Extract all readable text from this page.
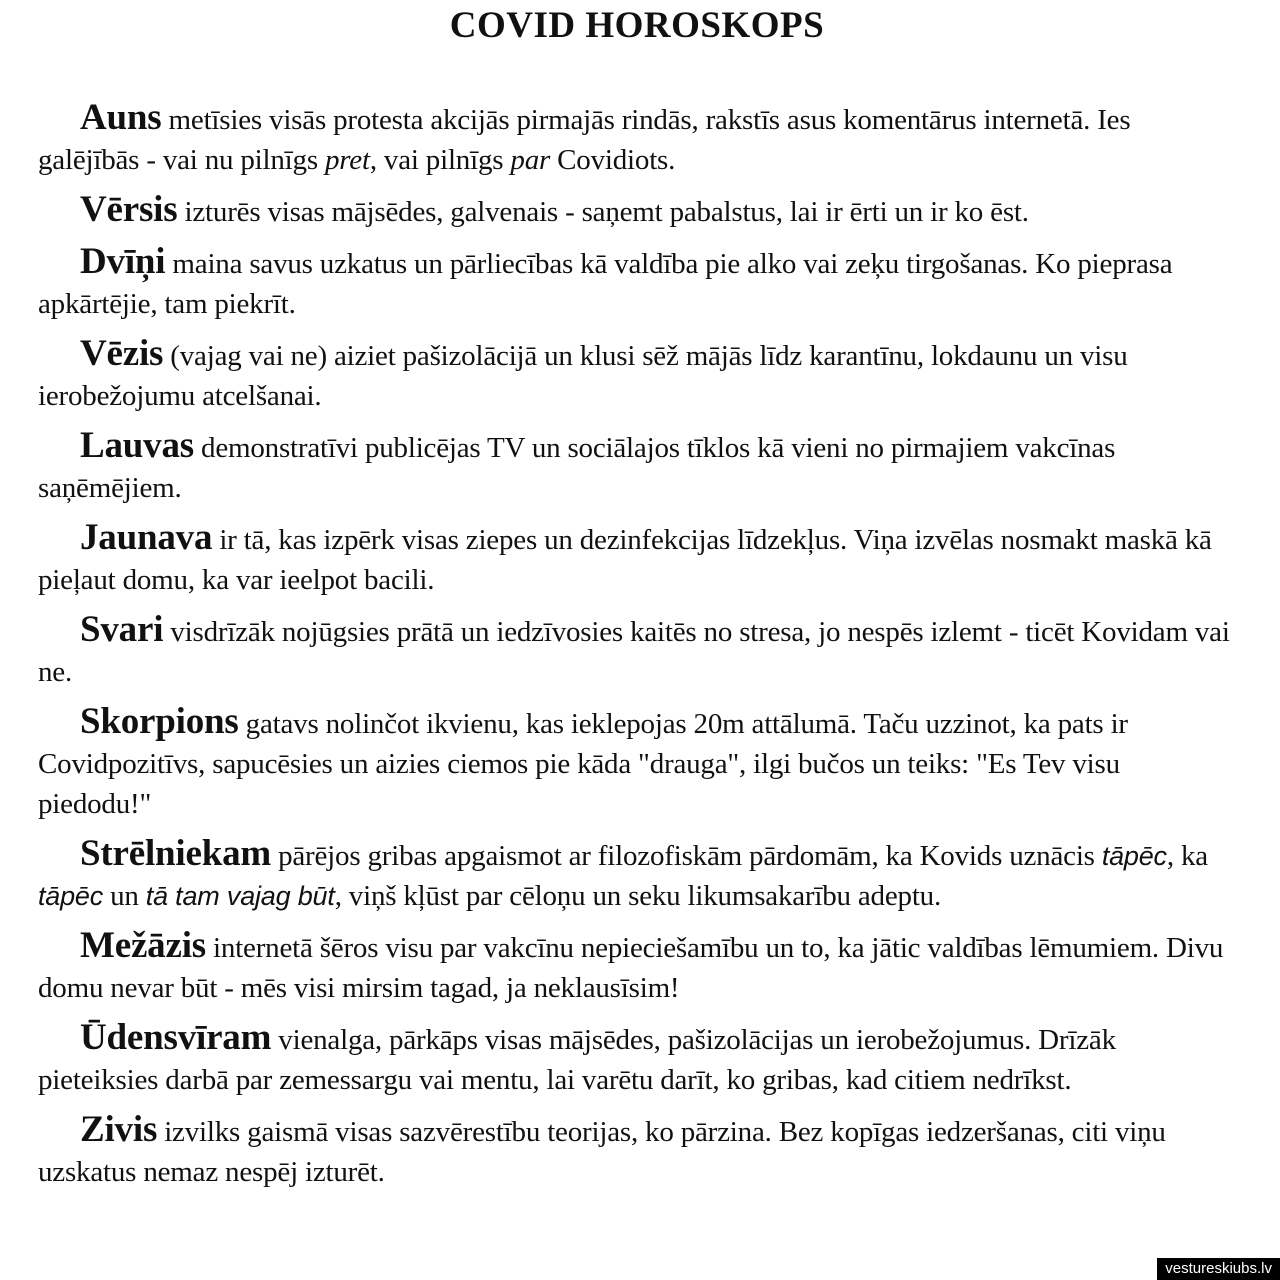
COVID HOROSKOPS

Auns metīsies visās protesta akcijās pirmajās rindās, rakstīs asus komentārus internetā. Ies galējībās - vai nu pilnīgs pret, vai pilnīgs par Covidiots.

Vērsis izturēs visas mājsēdes, galvenais - saņemt pabalstus, lai ir ērti un ir ko ēst.

Dvīņi maina savus uzkatus un pārliecības kā valdība pie alko vai zeķu tirgošanas. Ko pieprasa apkārtējie, tam piekrīt.

Vēzis (vajag vai ne) aiziet pašizolācijā un klusi sēž mājās līdz karantīnu, lokdaunu un visu ierobežojumu atcelšanai.

Lauvas demonstratīvi publicējas TV un sociālajos tīklos kā vieni no pirmajiem vakcīnas saņēmējiem.

Jaunava ir tā, kas izpērk visas ziepes un dezinfekcijas līdzekļus. Viņa izvēlas nosmakt maskā kā pieļaut domu, ka var ieelpot bacili.

Svari visdrīzāk nojūgsies prātā un iedzīvosies kaitēs no stresa, jo nespēs izlemt - ticēt Kovidam vai ne.

Skorpions gatavs nolinčot ikvienu, kas ieklepojas 20m attālumā. Taču uzzinot, ka pats ir Covidpozitīvs, sapucēsies un aizies ciemos pie kāda "drauga", ilgi bučos un teiks: "Es Tev visu piedodu!"

Strēlniekam pārējos gribas apgaismot ar filozofiskām pārdomām, ka Kovids uznācis tāpēc, ka tāpēc un tā tam vajag būt, viņš kļūst par cēloņu un seku likumsakarību adeptu.

Mežāzis internetā šēros visu par vakcīnu nepieciešamību un to, ka jātic valdības lēmumiem. Divu domu nevar būt - mēs visi mirsim tagad, ja neklausīsim!

Ūdensvīram vienalga, pārkāps visas mājsēdes, pašizolācijas un ierobežojumus. Drīzāk pieteiksies darbā par zemessargu vai mentu, lai varētu darīt, ko gribas, kad citiem nedrīkst.

Zivis izvilks gaismā visas sazvērestību teorijas, ko pārzina. Bez kopīgas iedzeršanas, citi viņu uzskatus nemaz nespēj izturēt.

vestureskiubs.lv
